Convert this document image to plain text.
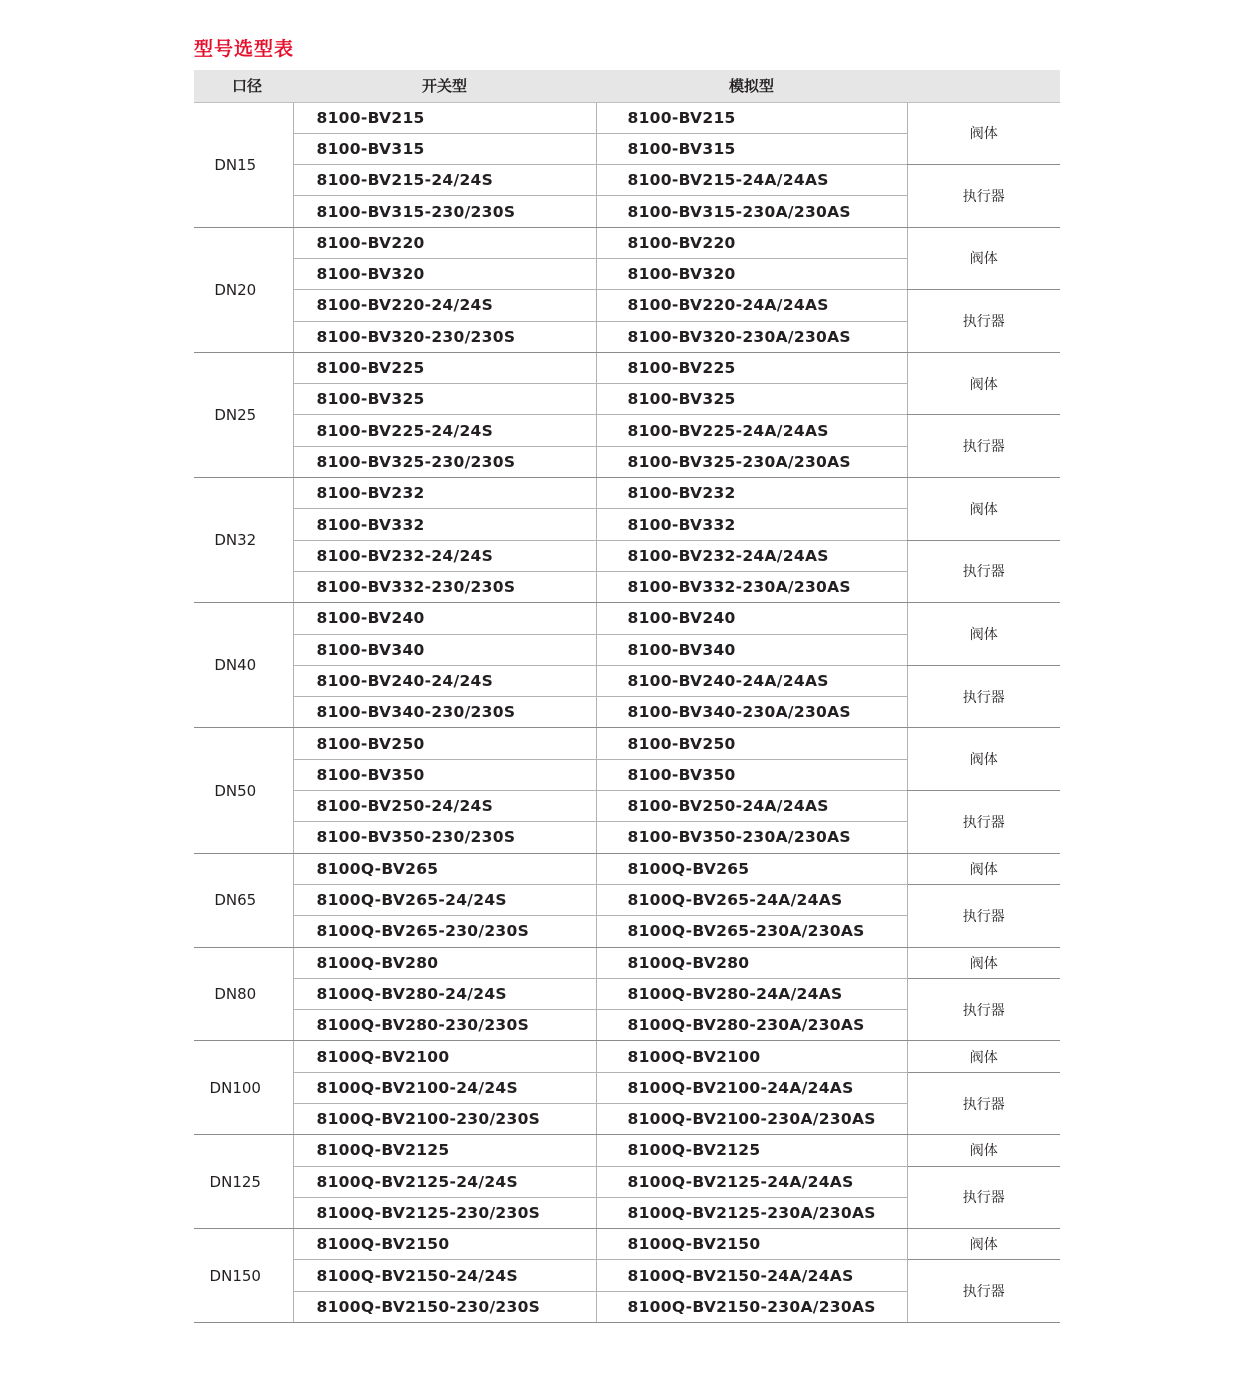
型号选型表
口径	开关型	模拟型	
DN15	8100-BV215	8100-BV215	阀体
	8100-BV315	8100-BV315	
	8100-BV215-24/24S	8100-BV215-24A/24AS	执行器
	8100-BV315-230/230S	8100-BV315-230A/230AS	
DN20	8100-BV220	8100-BV220	阀体
	8100-BV320	8100-BV320	
	8100-BV220-24/24S	8100-BV220-24A/24AS	执行器
	8100-BV320-230/230S	8100-BV320-230A/230AS	
DN25	8100-BV225	8100-BV225	阀体
	8100-BV325	8100-BV325	
	8100-BV225-24/24S	8100-BV225-24A/24AS	执行器
	8100-BV325-230/230S	8100-BV325-230A/230AS	
DN32	8100-BV232	8100-BV232	阀体
	8100-BV332	8100-BV332	
	8100-BV232-24/24S	8100-BV232-24A/24AS	执行器
	8100-BV332-230/230S	8100-BV332-230A/230AS	
DN40	8100-BV240	8100-BV240	阀体
	8100-BV340	8100-BV340	
	8100-BV240-24/24S	8100-BV240-24A/24AS	执行器
	8100-BV340-230/230S	8100-BV340-230A/230AS	
DN50	8100-BV250	8100-BV250	阀体
	8100-BV350	8100-BV350	
	8100-BV250-24/24S	8100-BV250-24A/24AS	执行器
	8100-BV350-230/230S	8100-BV350-230A/230AS	
DN65	8100Q-BV265	8100Q-BV265	阀体
	8100Q-BV265-24/24S	8100Q-BV265-24A/24AS	执行器
	8100Q-BV265-230/230S	8100Q-BV265-230A/230AS	
DN80	8100Q-BV280	8100Q-BV280	阀体
	8100Q-BV280-24/24S	8100Q-BV280-24A/24AS	执行器
	8100Q-BV280-230/230S	8100Q-BV280-230A/230AS	
DN100	8100Q-BV2100	8100Q-BV2100	阀体
	8100Q-BV2100-24/24S	8100Q-BV2100-24A/24AS	执行器
	8100Q-BV2100-230/230S	8100Q-BV2100-230A/230AS	
DN125	8100Q-BV2125	8100Q-BV2125	阀体
	8100Q-BV2125-24/24S	8100Q-BV2125-24A/24AS	执行器
	8100Q-BV2125-230/230S	8100Q-BV2125-230A/230AS	
DN150	8100Q-BV2150	8100Q-BV2150	阀体
	8100Q-BV2150-24/24S	8100Q-BV2150-24A/24AS	执行器
	8100Q-BV2150-230/230S	8100Q-BV2150-230A/230AS	
